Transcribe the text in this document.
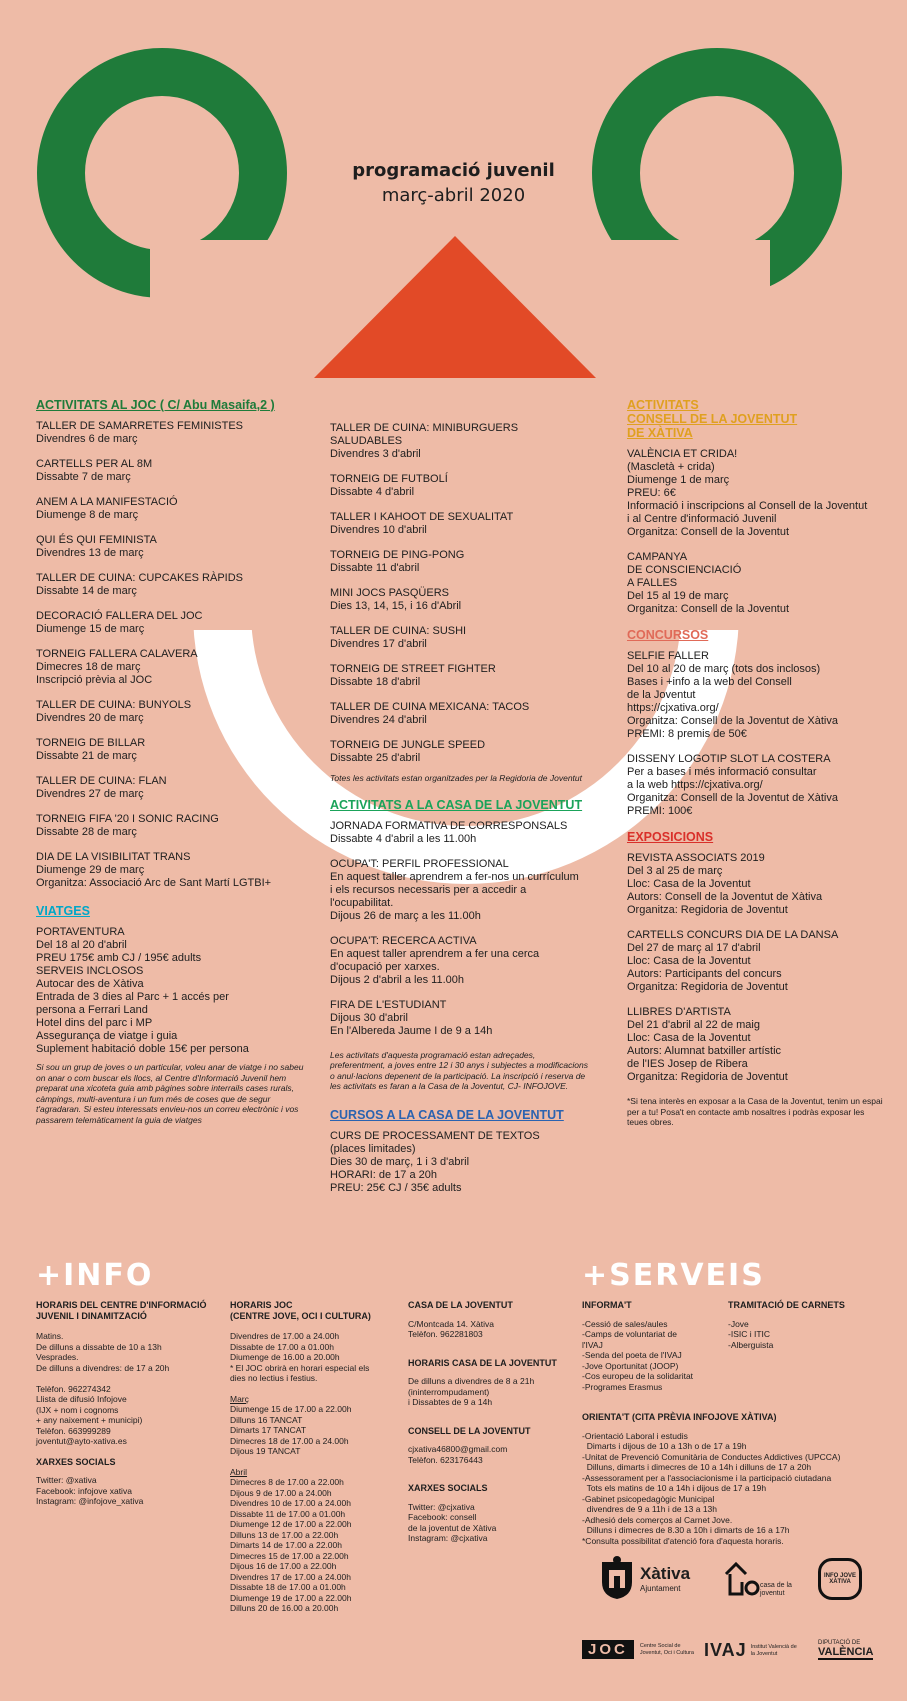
programació juvenil
març-abril 2020
ACTIVITATS AL JOC ( C/ Abu Masaifa,2 )
TALLER DE SAMARRETES FEMINISTES
Divendres 6 de març
CARTELLS PER AL 8M
Dissabte 7 de març
ANEM A LA MANIFESTACIÓ
Diumenge 8 de març
QUI ÉS QUI FEMINISTA
Divendres 13 de març
TALLER DE CUINA: CUPCAKES RÀPIDS
Dissabte 14 de març
DECORACIÓ FALLERA DEL JOC
Diumenge 15 de març
TORNEIG FALLERA CALAVERA
Dimecres 18 de març
Inscripció prèvia al JOC
TALLER DE CUINA: BUNYOLS
Divendres 20 de març
TORNEIG DE BILLAR
Dissabte 21 de març
TALLER DE CUINA: FLAN
Divendres 27 de març
TORNEIG FIFA '20 I SONIC RACING
Dissabte 28 de març
DIA DE LA VISIBILITAT TRANS
Diumenge 29 de març
Organitza: Associació Arc de Sant Martí LGTBI+
VIATGES
PORTAVENTURA
Del 18 al 20 d'abril
PREU 175€ amb CJ / 195€ adults
SERVEIS INCLOSOS
Autocar des de Xàtiva
Entrada de 3 dies al Parc + 1 accés per
persona a Ferrari Land
Hotel dins del parc i MP
Assegurança de viatge i guia
Suplement habitació doble 15€ per persona
Si sou un grup de joves o un particular, voleu anar de viatge i no sabeu on anar o com buscar els llocs, al Centre d'Informació Juvenil hem preparat una xicoteta guia amb pàgines sobre interrails cases rurals, càmpings, multi-aventura i un fum més de coses que de segur t'agradaran. Si esteu interessats envieu-nos un correu electrònic i vos passarem telemàticament la guia de viatges
TALLER DE CUINA: MINIBURGUERS SALUDABLES
Divendres 3 d'abril
TORNEIG DE FUTBOLÍ
Dissabte 4 d'abril
TALLER I KAHOOT DE SEXUALITAT
Divendres 10 d'abril
TORNEIG DE PING-PONG
Dissabte 11 d'abril
MINI JOCS PASQÜERS
Dies 13, 14, 15, i 16 d'Abril
TALLER DE CUINA: SUSHI
Divendres 17 d'abril
TORNEIG DE STREET FIGHTER
Dissabte 18 d'abril
TALLER DE CUINA MEXICANA: TACOS
Divendres 24 d'abril
TORNEIG DE JUNGLE SPEED
Dissabte 25 d'abril
Totes les activitats estan organitzades per la Regidoria de Joventut
ACTIVITATS A LA CASA DE LA JOVENTUT
JORNADA FORMATIVA DE CORRESPONSALS
Dissabte 4 d'abril a les 11.00h
OCUPA'T: PERFIL PROFESSIONAL
En aquest taller aprendrem a fer-nos un currículum
i els recursos necessaris per a accedir a l'ocupabilitat.
Dijous 26 de març a les 11.00h
OCUPA'T: RECERCA ACTIVA
En aquest taller aprendrem a fer una cerca
d'ocupació per xarxes.
Dijous 2 d'abril a les 11.00h
FIRA DE L'ESTUDIANT
Dijous 30 d'abril
En l'Albereda Jaume I de 9 a 14h
Les activitats d'aquesta programació estan adreçades, preferentment, a joves entre 12 i 30 anys i subjectes a modificacions o anul·lacions depenent de la participació. La inscripció i reserva de les activitats es faran a la Casa de la Joventut, CJ- INFOJOVE.
CURSOS A LA CASA DE LA JOVENTUT
CURS DE PROCESSAMENT DE TEXTOS
(places limitades)
Dies 30 de març, 1 i 3 d'abril
HORARI: de 17 a 20h
PREU: 25€ CJ / 35€ adults
ACTIVITATS
CONSELL DE LA JOVENTUT
DE XÀTIVA
VALÈNCIA ET CRIDA!
(Mascletà + crida)
Diumenge 1 de març
PREU: 6€
Informació i inscripcions al Consell de la Joventut
i al Centre d'informació Juvenil
Organitza: Consell de la Joventut
CAMPANYA
DE CONSCIENCIACIÓ
A FALLES
Del 15 al 19 de març
Organitza: Consell de la Joventut
CONCURSOS
SELFIE FALLER
Del 10 al 20 de març (tots dos inclosos)
Bases i +info a la web del Consell
de la Joventut
https://cjxativa.org/
Organitza: Consell de la Joventut de Xàtiva
PREMI: 8 premis de 50€
DISSENY LOGOTIP SLOT LA COSTERA
Per a bases i més informació consultar
a la web https://cjxativa.org/
Organitza: Consell de la Joventut de Xàtiva
PREMI: 100€
EXPOSICIONS
REVISTA ASSOCIATS 2019
Del 3 al 25 de març
Lloc: Casa de la Joventut
Autors: Consell de la Joventut de Xàtiva
Organitza: Regidoria de Joventut
CARTELLS CONCURS DIA DE LA DANSA
Del 27 de març al 17 d'abril
Lloc: Casa de la Joventut
Autors: Participants del concurs
Organitza: Regidoria de Joventut
LLIBRES D'ARTISTA
Del 21 d'abril al 22 de maig
Lloc: Casa de la Joventut
Autors: Alumnat batxiller artístic
de l'IES Josep de Ribera
Organitza: Regidoria de Joventut
*Si tena interès en exposar a la Casa de la Joventut, tenim un espai per a tu! Posa't en contacte amb nosaltres i podràs exposar les teues obres.
+INFO	+SERVEIS
HORARIS DEL CENTRE D'INFORMACIÓ
JUVENIL I DINAMITZACIÓ
Matins.
De dilluns a dissabte de 10 a 13h
Vesprades.
De dilluns a divendres: de 17 a 20h

Telèfon. 962274342
Llista de difusió Infojove
(IJX + nom i cognoms
+ any naixement + municipi)
Telèfon. 663999289
joventut@ayto-xativa.es
XARXES SOCIALS
Twitter: @xativa
Facebook: infojove xativa
Instagram: @infojove_xativa
HORARIS JOC
(CENTRE JOVE, OCI I CULTURA)
Divendres de 17.00 a 24.00h
Dissabte de 17.00 a 01.00h
Diumenge de 16.00 a 20.00h
* El JOC obrirà en horari especial els
dies no lectius i festius.
Març
Diumenge 15 de 17.00 a 22.00h
Dilluns 16 TANCAT
Dimarts 17 TANCAT
Dimecres 18 de 17.00 a 24.00h
Dijous 19 TANCAT
Abril
Dimecres 8 de 17.00 a 22.00h
Dijous 9 de 17.00 a 24.00h
Divendres 10 de 17.00 a 24.00h
Dissabte 11 de 17.00 a 01.00h
Diumenge 12 de 17.00 a 22.00h
Dilluns 13 de 17.00 a 22.00h
Dimarts 14 de 17.00 a 22.00h
Dimecres 15 de 17.00 a 22.00h
Dijous 16 de 17.00 a 22.00h
Divendres 17 de 17.00 a 24.00h
Dissabte 18 de 17.00 a 01.00h
Diumenge 19 de 17.00 a 22.00h
Dilluns 20 de 16.00 a 20.00h
CASA DE LA JOVENTUT
C/Montcada 14. Xàtiva
Telèfon. 962281803
HORARIS CASA DE LA JOVENTUT
De dilluns a divendres de 8 a 21h
(ininterrompudament)
i Dissabtes de 9 a 14h
CONSELL DE LA JOVENTUT
cjxativa46800@gmail.com
Telèfon. 623176443
XARXES SOCIALS
Twitter: @cjxativa
Facebook: consell
de la joventut de Xàtiva
Instagram: @cjxativa
INFORMA'T
-Cessió de sales/aules
-Camps de voluntariat de
l'IVAJ
-Senda del poeta de l'IVAJ
-Jove Oportunitat (JOOP)
-Cos europeu de la solidaritat
-Programes Erasmus
TRAMITACIÓ DE CARNETS
-Jove
-ISIC i ITIC
-Alberguista
ORIENTA'T (CITA PRÈVIA INFOJOVE XÀTIVA)
-Orientació Laboral i estudis
Dimarts i dijous de 10 a 13h o de 17 a 19h
-Unitat de Prevenció Comunitària de Conductes Addictives (UPCCA)
Dilluns, dimarts i dimecres de 10 a 14h i dilluns de 17 a 20h
-Assessorament per a l'associacionisme i la participació ciutadana
Tots els matins de 10 a 14h i dijous de 17 a 19h
-Gabinet psicopedagògic Municipal
divendres de 9 a 11h i de 13 a 13h
-Adhesió dels comerços al Carnet Jove.
Dilluns i dimecres de 8.30 a 10h i dimarts de 16 a 17h
*Consulta possibilitat d'atenció fora d'aquesta horaris.
Xàtiva
Ajuntament	casa de la joventut
INFO JOVE XÀTIVA
JOC	Centre Social de Joventut, Oci i Cultura IVAJ Institut Valencià de la Joventut
DIPUTACIÓ DE
VALÈNCIA
